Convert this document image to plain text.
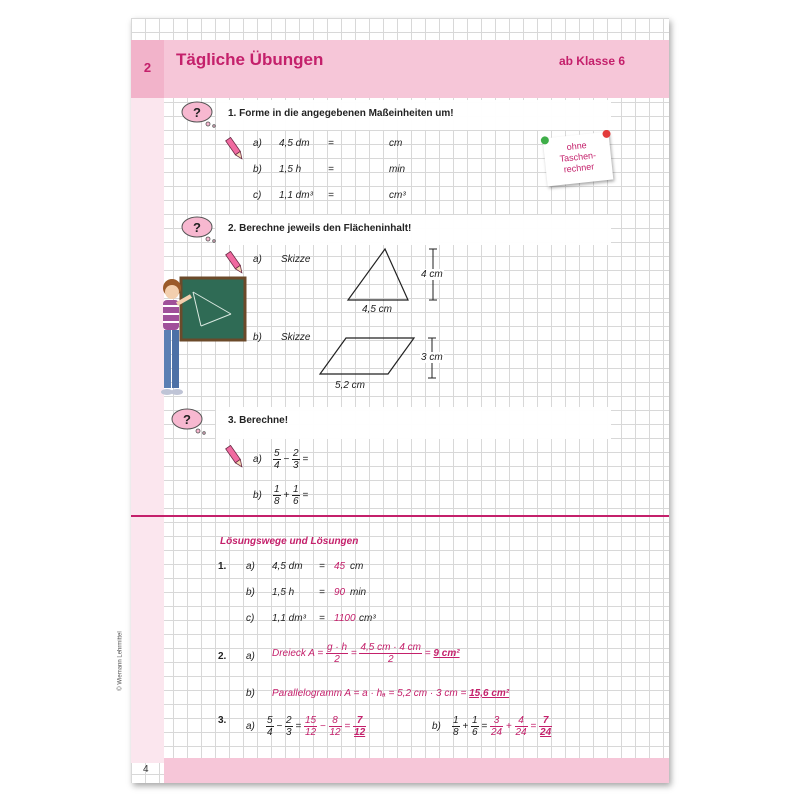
2	Tägliche Übungen	ab Klasse 6
ohne
Taschen-
rechner
?	1. Forme in die angegebenen Maßeinheiten um!
a) 4,5 dm =	cm
b) 1,5 h	=	min
c) 1,1 dm³ =	cm³
?	2. Berechne jeweils den Flächeninhalt!
a) Skizze
4 cm
4,5 cm
b) Skizze
3 cm
5,2 cm
?	3. Berechne!
$a) \frac{5}{4} - \frac{2}{3}$ =
$b) \frac{1}{8} + \frac{1}{6}$ =
Lösungswege und Lösungen
1. a) 4,5 dm = 45 cm
b) 1,5 h = 90 min
c) 1,1 dm³ = 1100 cm³
2. a) Dreieck $A = \frac{g \cdot h}{2} = \frac{4,5 cm \cdot 4 cm}{2} = 9$ cm²
b) Parallelogramm A = a · hₐ = 5,2 cm · 3 cm = 15,6 cm²
3.
$a) \frac{5}{4} - \frac{2}{3} = \frac{15}{12} - \frac{8}{12} = \frac{7}{12}$	$b) \frac{1}{8} + \frac{1}{6} = \frac{3}{24} + \frac{4}{24} = \frac{7}{24}$
© Wiemann Lehrmittel
4
